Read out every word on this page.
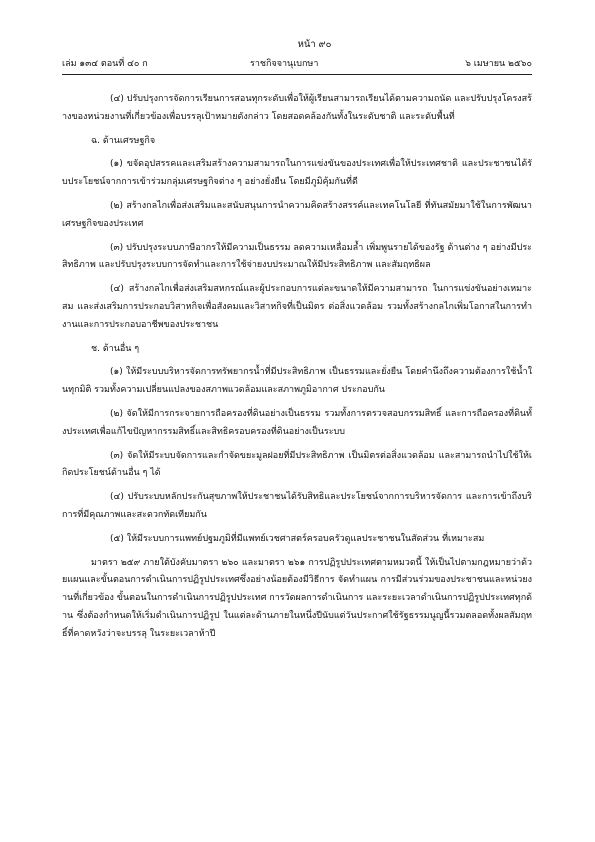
หน้า ๙๐
เล่ม ๑๓๔ ตอนที่ ๔๐ ก	ราชกิจจานุเบกษา	๖ เมษายน ๒๕๖๐

(๔) ปรับปรุงการจัดการเรียนการสอนทุกระดับเพื่อให้ผู้เรียนสามารถเรียนได้ตามความถนัด และปรับปรุงโครงสร้างของหน่วยงานที่เกี่ยวข้องเพื่อบรรลุเป้าหมายดังกล่าว โดยสอดคล้องกันทั้งในระดับชาติ และระดับพื้นที่

ฉ. ด้านเศรษฐกิจ

(๑) ขจัดอุปสรรคและเสริมสร้างความสามารถในการแข่งขันของประเทศเพื่อให้ประเทศชาติ และประชาชนได้รับประโยชน์จากการเข้าร่วมกลุ่มเศรษฐกิจต่าง ๆ อย่างยั่งยืน โดยมีภูมิคุ้มกันที่ดี

(๒) สร้างกลไกเพื่อส่งเสริมและสนับสนุนการนำความคิดสร้างสรรค์และเทคโนโลยี ที่ทันสมัยมาใช้ในการพัฒนาเศรษฐกิจของประเทศ

(๓) ปรับปรุงระบบภาษีอากรให้มีความเป็นธรรม ลดความเหลื่อมล้ำ เพิ่มพูนรายได้ของรัฐ ด้านต่าง ๆ อย่างมีประสิทธิภาพ และปรับปรุงระบบการจัดทำและการใช้จ่ายงบประมาณให้มีประสิทธิภาพ และสัมฤทธิผล

(๔) สร้างกลไกเพื่อส่งเสริมสหกรณ์และผู้ประกอบการแต่ละขนาดให้มีความสามารถ ในการแข่งขันอย่างเหมาะสม และส่งเสริมการประกอบวิสาหกิจเพื่อสังคมและวิสาหกิจที่เป็นมิตร ต่อสิ่งแวดล้อม รวมทั้งสร้างกลไกเพิ่มโอกาสในการทำงานและการประกอบอาชีพของประชาชน

ช. ด้านอื่น ๆ

(๑) ให้มีระบบบริหารจัดการทรัพยากรน้ำที่มีประสิทธิภาพ เป็นธรรมและยั่งยืน โดยคำนึงถึงความต้องการใช้น้ำในทุกมิติ รวมทั้งความเปลี่ยนแปลงของสภาพแวดล้อมและสภาพภูมิอากาศ ประกอบกัน

(๒) จัดให้มีการกระจายการถือครองที่ดินอย่างเป็นธรรม รวมทั้งการตรวจสอบกรรมสิทธิ์ และการถือครองที่ดินทั้งประเทศเพื่อแก้ไขปัญหากรรมสิทธิ์และสิทธิครอบครองที่ดินอย่างเป็นระบบ

(๓) จัดให้มีระบบจัดการและกำจัดขยะมูลฝอยที่มีประสิทธิภาพ เป็นมิตรต่อสิ่งแวดล้อม และสามารถนำไปใช้ให้เกิดประโยชน์ด้านอื่น ๆ ได้

(๔) ปรับระบบหลักประกันสุขภาพให้ประชาชนได้รับสิทธิและประโยชน์จากการบริหารจัดการ และการเข้าถึงบริการที่มีคุณภาพและสะดวกทัดเทียมกัน

(๕) ให้มีระบบการแพทย์ปฐมภูมิที่มีแพทย์เวชศาสตร์ครอบครัวดูแลประชาชนในสัดส่วน ที่เหมาะสม

มาตรา ๒๕๙ ภายใต้บังคับมาตรา ๒๖๐ และมาตรา ๒๖๑ การปฏิรูปประเทศตามหมวดนี้ ให้เป็นไปตามกฎหมายว่าด้วยแผนและขั้นตอนการดำเนินการปฏิรูปประเทศซึ่งอย่างน้อยต้องมีวิธีการ จัดทำแผน การมีส่วนร่วมของประชาชนและหน่วยงานที่เกี่ยวข้อง ขั้นตอนในการดำเนินการปฏิรูปประเทศ การวัดผลการดำเนินการ และระยะเวลาดำเนินการปฏิรูปประเทศทุกด้าน ซึ่งต้องกำหนดให้เริ่มดำเนินการปฏิรูป ในแต่ละด้านภายในหนึ่งปีนับแต่วันประกาศใช้รัฐธรรมนูญนี้รวมตลอดทั้งผลสัมฤทธิ์ที่คาดหวังว่าจะบรรลุ ในระยะเวลาห้าปี
